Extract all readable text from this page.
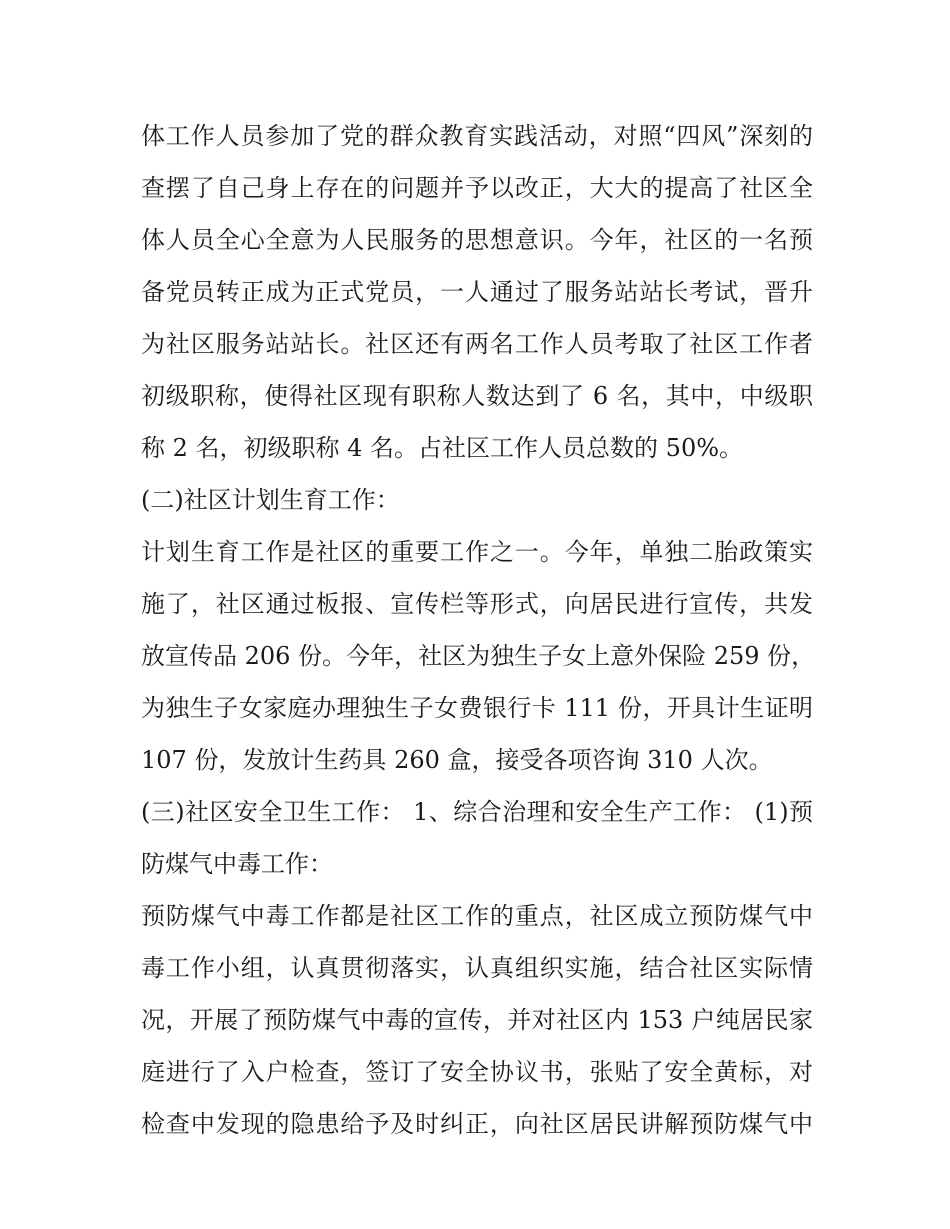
体工作人员参加了党的群众教育实践活动，对照“四风”深刻的
查摆了自己身上存在的问题并予以改正，大大的提高了社区全
体人员全心全意为人民服务的思想意识。今年，社区的一名预
备党员转正成为正式党员，一人通过了服务站站长考试，晋升
为社区服务站站长。社区还有两名工作人员考取了社区工作者
初级职称，使得社区现有职称人数达到了 6 名，其中，中级职
称 2 名，初级职称 4 名。占社区工作人员总数的 50%。
(二)社区计划生育工作：
计划生育工作是社区的重要工作之一。今年，单独二胎政策实
施了，社区通过板报、宣传栏等形式，向居民进行宣传，共发
放宣传品 206 份。今年，社区为独生子女上意外保险 259 份，
为独生子女家庭办理独生子女费银行卡 111 份，开具计生证明
107 份，发放计生药具 260 盒，接受各项咨询 310 人次。
(三)社区安全卫生工作： 1、综合治理和安全生产工作： (1)预
防煤气中毒工作：
预防煤气中毒工作都是社区工作的重点，社区成立预防煤气中
毒工作小组，认真贯彻落实，认真组织实施，结合社区实际情
况，开展了预防煤气中毒的宣传，并对社区内 153 户纯居民家
庭进行了入户检查，签订了安全协议书，张贴了安全黄标，对
检查中发现的隐患给予及时纠正，向社区居民讲解预防煤气中
